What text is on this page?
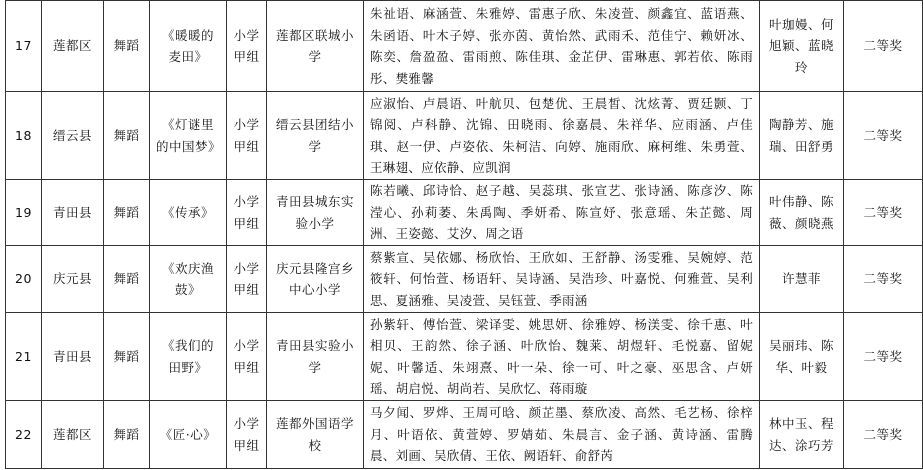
17	莲都区	舞蹈	《暖暖的麦田》	小学甲组	莲都区联城小学	朱祉语、麻涵萱、朱雅婷、雷惠子欣、朱凌萱、颜鑫宜、蓝语燕、朱函语、叶木子婷、张亦茵、黄怡然、武雨禾、范佳宁、赖妍冰、陈奕、詹盈盈、雷雨煎、陈佳琪、金芷伊、雷琳惠、郭若依、陈雨彤、樊雅馨	叶珈嫚、何旭颖、蓝晓玲	二等奖
18	缙云县	舞蹈	《灯谜里的中国梦》	小学甲组	缙云县团结小学	应淑怡、卢晨语、叶航贝、包楚优、王晨皙、沈炫菁、贾廷颢、丁锦阅、卢科静、沈锦、田晓雨、徐嘉晨、朱祥华、应雨涵、卢佳琪、赵一伊、卢姿依、朱柯洁、向婷、施雨欣、麻柯维、朱勇萱、王琳翅、应依静、应凯润	陶静芳、施瑞、田舒勇	二等奖
19	青田县	舞蹈	《传承》	小学甲组	青田县城东实验小学	陈若曦、邱诗恰、赵子越、吴蕊琪、张宣艺、张诗涵、陈彦汐、陈滢心、孙莉萎、朱禹陶、季妍希、陈宣妤、张意瑶、朱芷懿、周洲、王姿懿、艾汐、周之语	叶伟静、陈薇、颜晓燕	二等奖
20	庆元县	舞蹈	《欢庆渔鼓》	小学甲组	庆元县隆宫乡中心小学	蔡紫宣、吴依娜、杨欣怡、王欣如、王舒静、汤雯雅、吴婉婷、范筱轩、何怡萱、杨语轩、吴诗涵、吴浩珍、叶嘉悦、何雅萱、吴利思、夏涵雅、吴凌萱、吴钰萱、季雨涵	许慧菲	二等奖
21	青田县	舞蹈	《我们的田野》	小学甲组	青田县实验小学	孙紫轩、傅怡萱、梁译雯、姚思妍、徐雅婷、杨渼雯、徐千惠、叶相贝、王韵然、徐子涵、叶欣怡、魏莱、胡煜轩、毛悦嘉、留妮妮、叶馨适、朱翊熹、叶一朵、徐一可、叶之豪、巫思含、卢妍瑶、胡启悦、胡尚若、吴欣忆、蒋雨璇	吴丽玮、陈华、叶毅	二等奖
22	莲都区	舞蹈	《匠·心》	小学甲组	莲都外国语学校	马夕闻、罗烨、王周可晗、颜芷墨、蔡欣凌、高然、毛艺杨、徐梓月、叶语依、黄萱婷、罗婧茹、朱晨言、金子涵、黄诗涵、雷腾晨、刘画、吴欣倩、王依、阙语轩、俞舒芮	林中玉、程达、涂巧芳	二等奖
